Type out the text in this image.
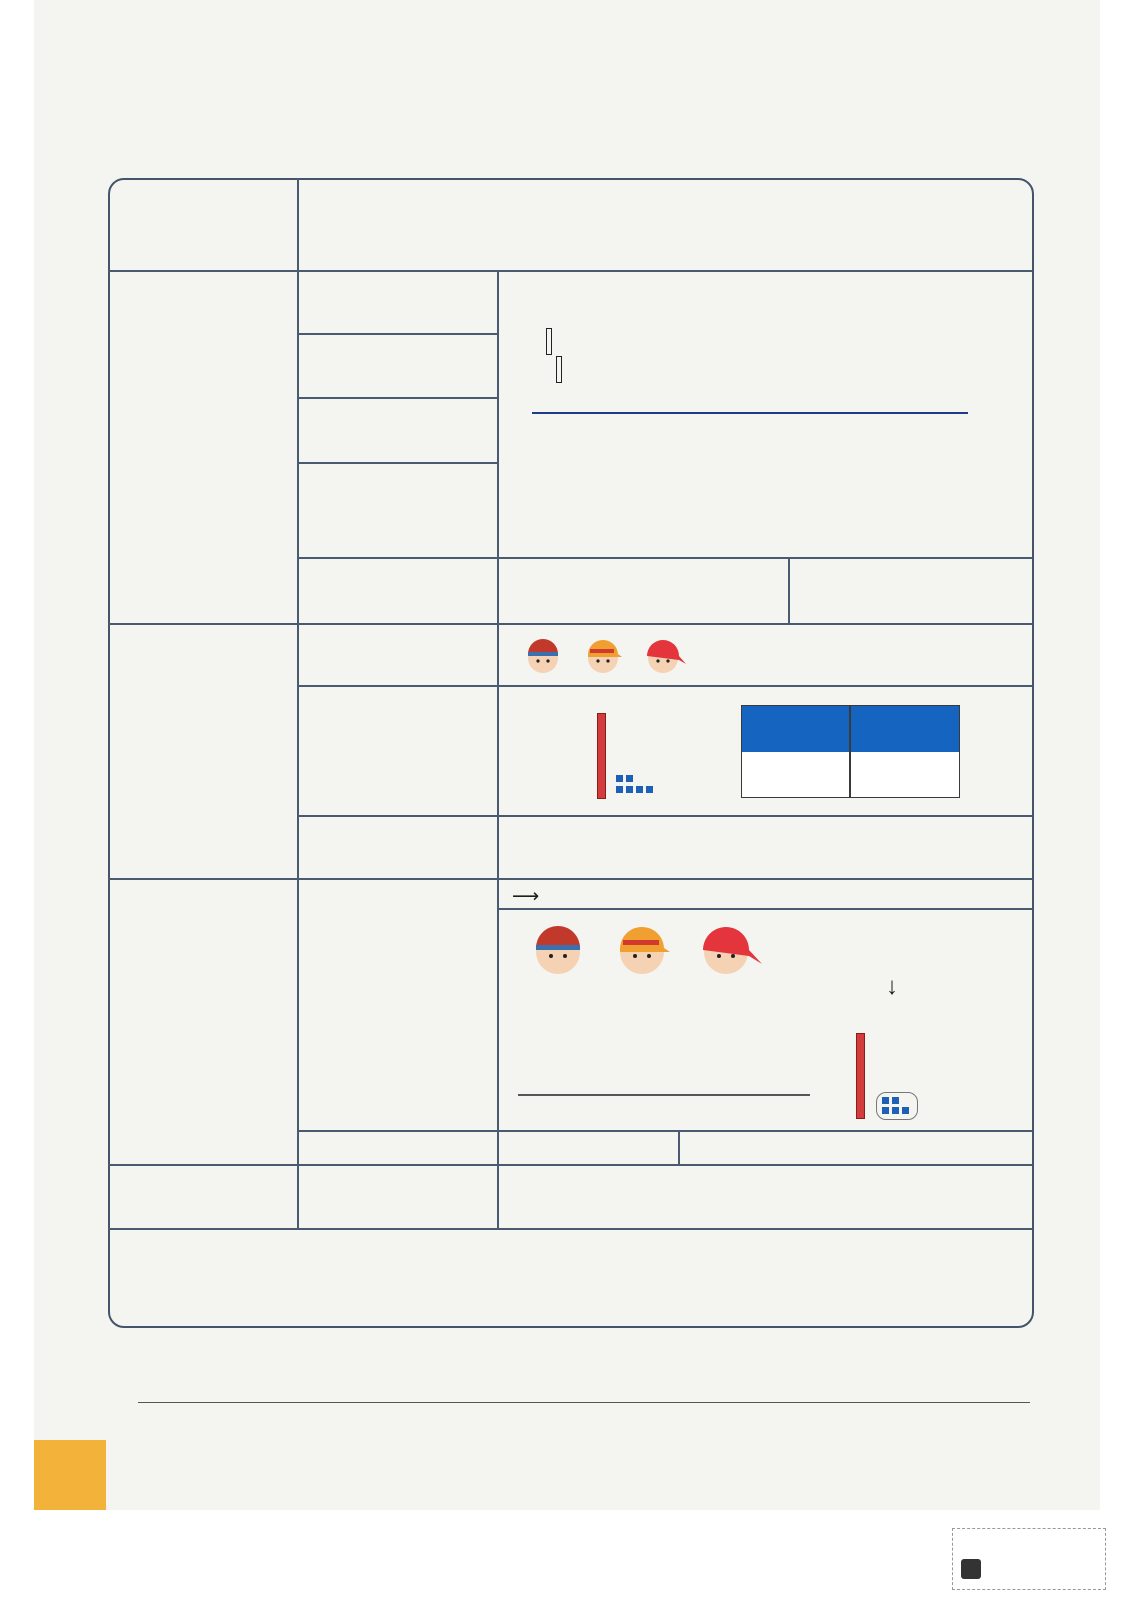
⟶
↓
